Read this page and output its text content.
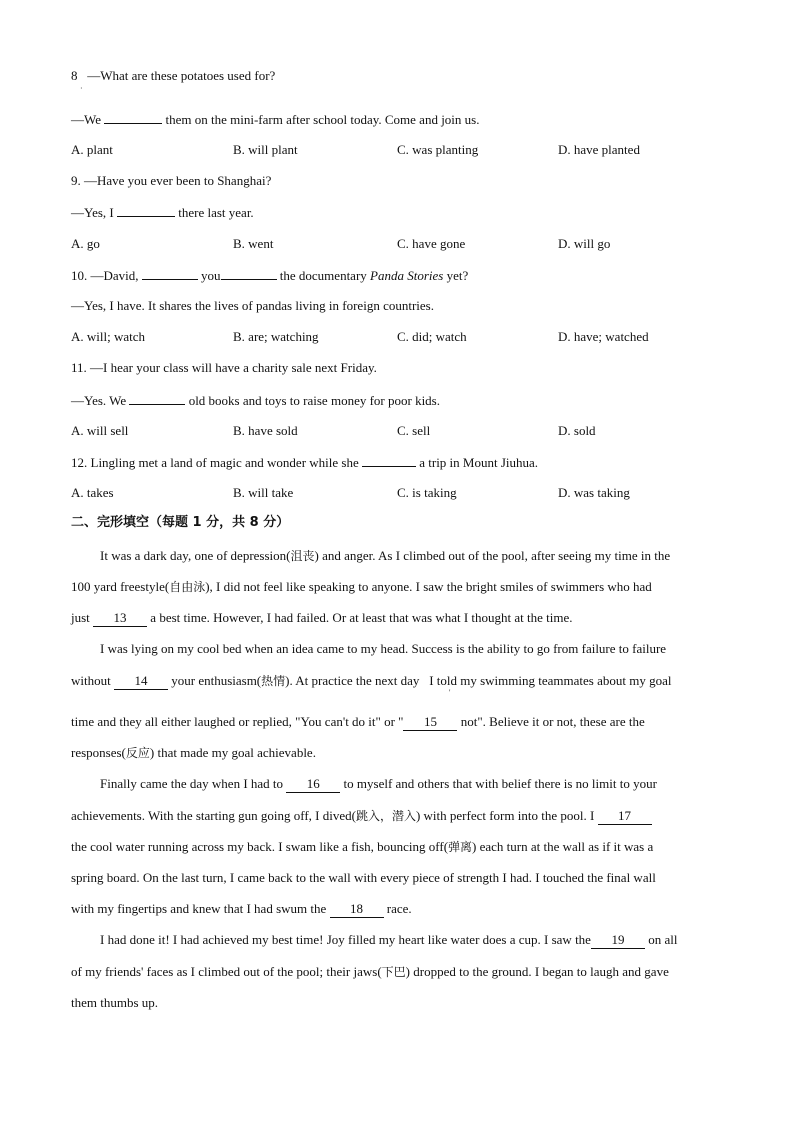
8 —What are these potatoes used for?
·
—We	them on the mini-farm after school today. Come and join us.
A. plant	B. will plant	C. was planting	D. have planted
9. —Have you ever been to Shanghai?
—Yes, I	there last year.
A. go	B. went	C. have gone	D. will go
10. —David,	you	the documentary Panda Stories yet?
—Yes, I have. It shares the lives of pandas living in foreign countries.
A. will; watch	B. are; watching	C. did; watch	D. have; watched
11. —I hear your class will have a charity sale next Friday.
—Yes. We	old books and toys to raise money for poor kids.
A. will sell	B. have sold	C. sell	D. sold
12. Lingling met a land of magic and wonder while she	a trip in Mount Jiuhua.
A. takes	B. will take	C. is taking	D. was taking
二、完形填空（每题 1 分，共 8 分）
It was a dark day, one of depression(沮丧) and anger. As I climbed out of the pool, after seeing my time in the
100 yard freestyle(自由泳), I did not feel like speaking to anyone. I saw the bright smiles of swimmers who had
just 13 a best time. However, I had failed. Or at least that was what I thought at the time.
I was lying on my cool bed when an idea came to my head. Success is the ability to go from failure to failure
without 14 your enthusiasm(热情). At practice the next day I told my swimming teammates about my goal
'
time and they all either laughed or replied, "You can't do it" or " 15 not". Believe it or not, these are the
responses(反应) that made my goal achievable.
Finally came the day when I had to 16 to myself and others that with belief there is no limit to your
achievements. With the starting gun going off, I dived(跳入，潜入) with perfect form into the pool. I 17
the cool water running across my back. I swam like a fish, bouncing off(弹离) each turn at the wall as if it was a
spring board. On the last turn, I came back to the wall with every piece of strength I had. I touched the final wall
with my fingertips and knew that I had swum the 18 race.
I had done it! I had achieved my best time! Joy filled my heart like water does a cup. I saw the 19 on all
of my friends' faces as I climbed out of the pool; their jaws(下巴) dropped to the ground. I began to laugh and gave
them thumbs up.
